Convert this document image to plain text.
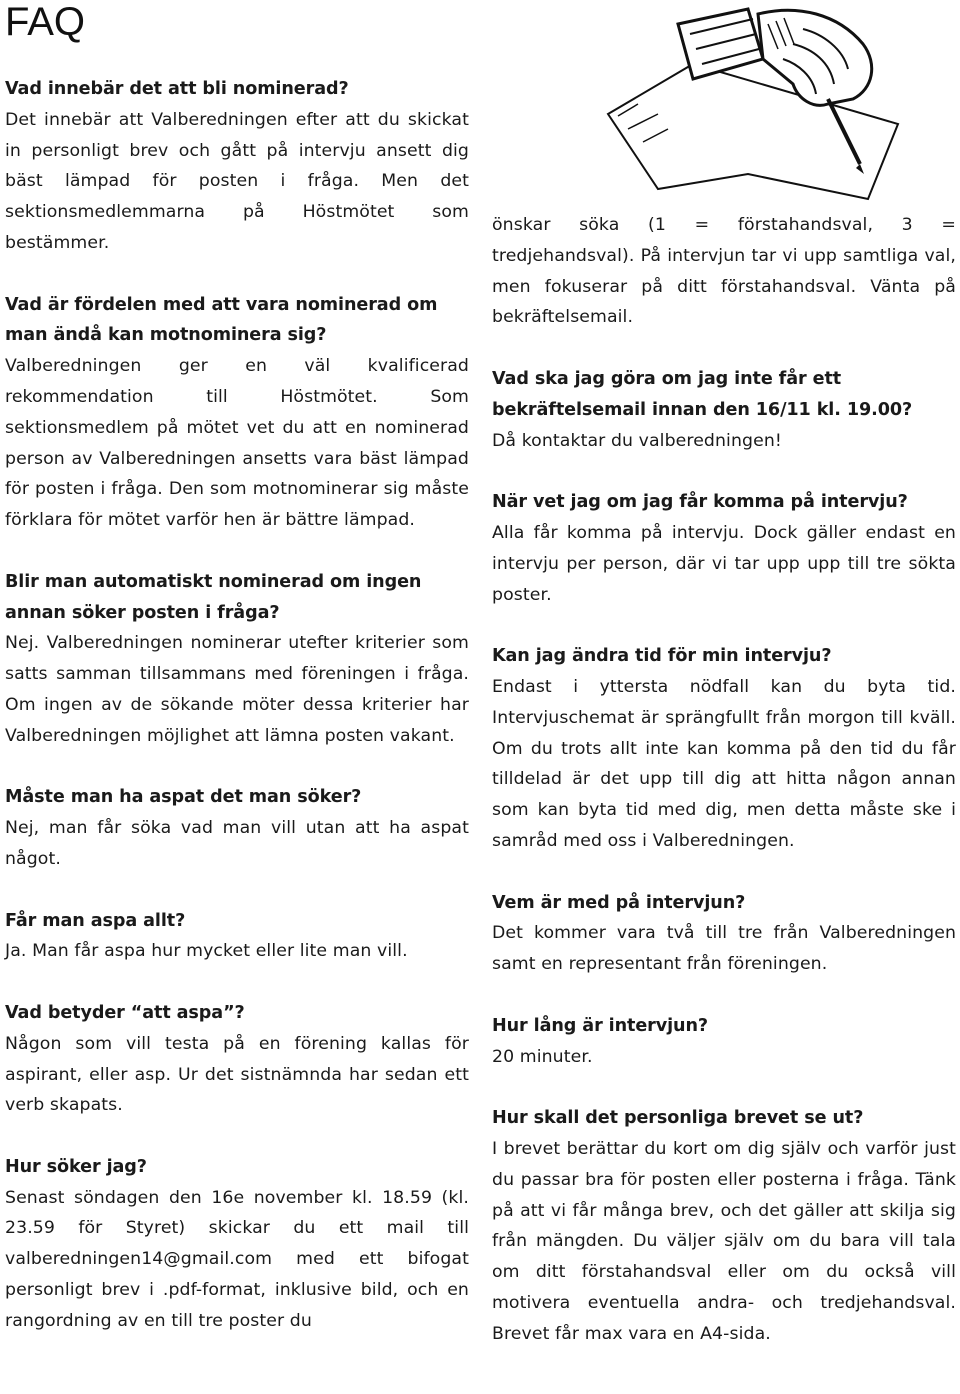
FAQ

Vad innebär det att bli nominerad?

Det innebär att Valberedningen efter att du skickat in personligt brev och gått på intervju ansett dig bäst lämpad för posten i fråga. Men det sektionsmedlemmarna på Höstmötet som bestämmer.

Vad är fördelen med att vara nominerad om man ändå kan motnominera sig?

Valberedningen ger en väl kvalificerad rekommendation till Höstmötet. Som sektionsmedlem på mötet vet du att en nominerad person av Valberedningen ansetts vara bäst lämpad för posten i fråga. Den som motnominerar sig måste förklara för mötet varför hen är bättre lämpad.

Blir man automatiskt nominerad om ingen annan söker posten i fråga?

Nej. Valberedningen nominerar utefter kriterier som satts samman tillsammans med föreningen i fråga. Om ingen av de sökande möter dessa kriterier har Valberedningen möjlighet att lämna posten vakant.

Måste man ha aspat det man söker?

Nej, man får söka vad man vill utan att ha aspat något.

Får man aspa allt?

Ja. Man får aspa hur mycket eller lite man vill.

Vad betyder “att aspa”?

Någon som vill testa på en förening kallas för aspirant, eller asp. Ur det sistnämnda har sedan ett verb skapats.

Hur söker jag?

Senast söndagen den 16e november kl. 18.59 (kl. 23.59 för Styret) skickar du ett mail till valberedningen14@gmail.com med ett bifogat personligt brev i .pdf-format, inklusive bild, och en rangordning av en till tre poster du

önskar söka (1 = förstahandsval, 3 = tredjehandsval). På intervjun tar vi upp samtliga val, men fokuserar på ditt förstahandsval. Vänta på bekräftelsemail.

Vad ska jag göra om jag inte får ett bekräftelsemail innan den 16/11 kl. 19.00?

Då kontaktar du valberedningen!

När vet jag om jag får komma på intervju?

Alla får komma på intervju. Dock gäller endast en intervju per person, där vi tar upp upp till tre sökta poster.

Kan jag ändra tid för min intervju?

Endast i yttersta nödfall kan du byta tid. Intervjuschemat är sprängfullt från morgon till kväll. Om du trots allt inte kan komma på den tid du får tilldelad är det upp till dig att hitta någon annan som kan byta tid med dig, men detta måste ske i samråd med oss i Valberedningen.

Vem är med på intervjun?

Det kommer vara två till tre från Valberedningen samt en representant från föreningen.

Hur lång är intervjun?

20 minuter.

Hur skall det personliga brevet se ut?

I brevet berättar du kort om dig själv och varför just du passar bra för posten eller posterna i fråga. Tänk på att vi får många brev, och det gäller att skilja sig från mängden. Du väljer själv om du bara vill tala om ditt förstahandsval eller om du också vill motivera eventuella andra- och tredjehandsval. Brevet får max vara en A4-sida.
